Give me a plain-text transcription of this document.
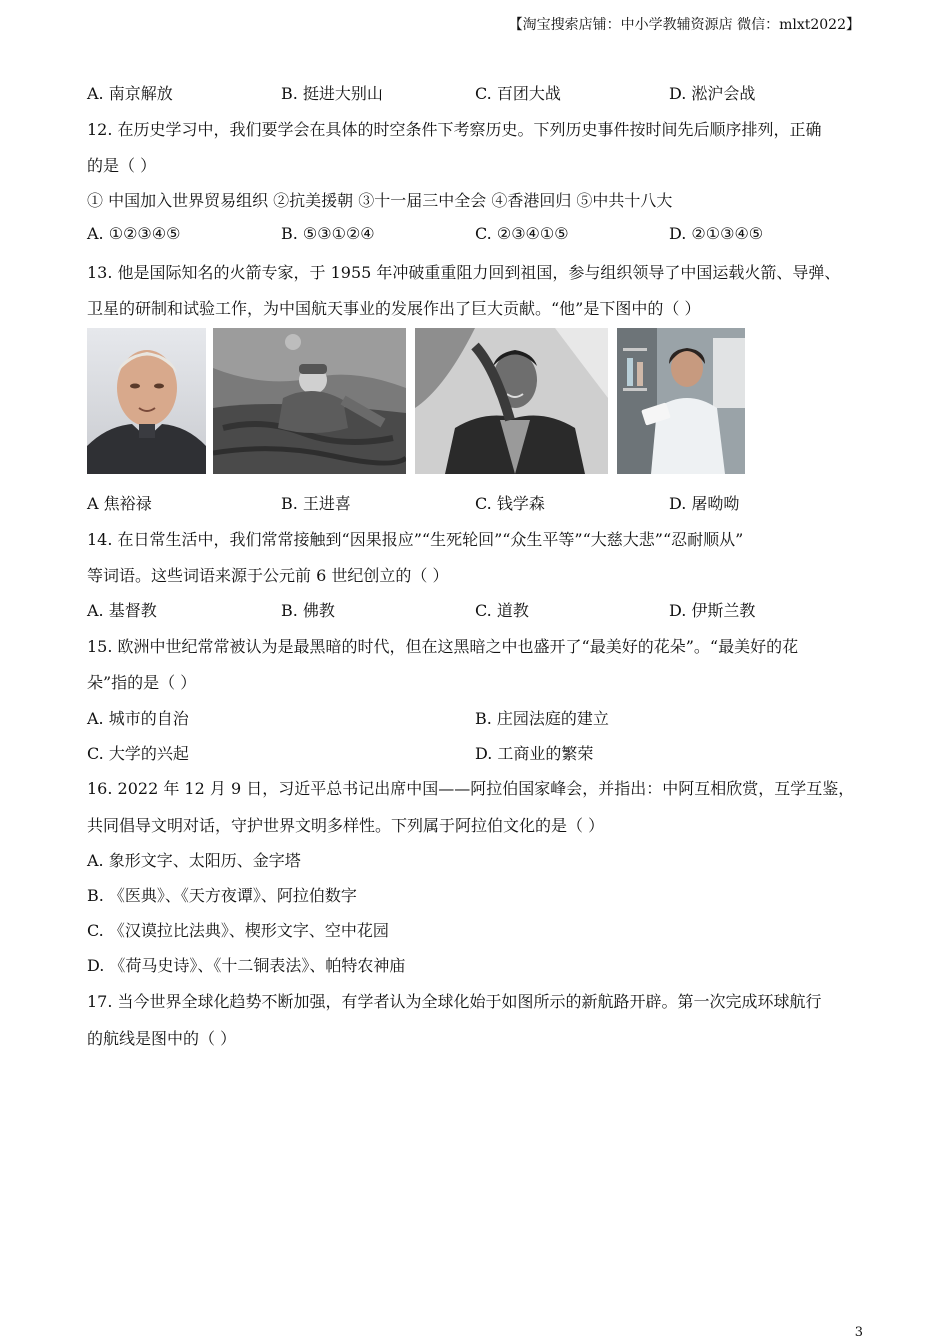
【淘宝搜索店铺：中小学教辅资源店 微信：mlxt2022】
A. 南京解放	B. 挺进大别山	C. 百团大战	D. 淞沪会战
12. 在历史学习中，我们要学会在具体的时空条件下考察历史。下列历史事件按时间先后顺序排列，正确
的是（ ）
① 中国加入世界贸易组织 ②抗美援朝 ③十一届三中全会 ④香港回归 ⑤中共十八大
A. ①②③④⑤	B. ⑤③①②④	C. ②③④①⑤	D. ②①③④⑤
13. 他是国际知名的火箭专家，于 1955 年冲破重重阻力回到祖国，参与组织领导了中国运载火箭、导弹、
卫星的研制和试验工作，为中国航天事业的发展作出了巨大贡献。“他”是下图中的（ ）
A 焦裕禄	B. 王进喜	C. 钱学森	D. 屠呦呦
14. 在日常生活中，我们常常接触到“因果报应”“生死轮回”“众生平等”“大慈大悲”“忍耐顺从”
等词语。这些词语来源于公元前 6 世纪创立的（ ）
A. 基督教	B. 佛教	C. 道教	D. 伊斯兰教
15. 欧洲中世纪常常被认为是最黑暗的时代，但在这黑暗之中也盛开了“最美好的花朵”。“最美好的花
朵”指的是（ ）
A. 城市的自治	B. 庄园法庭的建立
C. 大学的兴起	D. 工商业的繁荣
16. 2022 年 12 月 9 日，习近平总书记出席中国——阿拉伯国家峰会，并指出：中阿互相欣赏，互学互鉴，
共同倡导文明对话，守护世界文明多样性。下列属于阿拉伯文化的是（ ）
A. 象形文字、太阳历、金字塔
B. 《医典》、《天方夜谭》、阿拉伯数字
C. 《汉谟拉比法典》、楔形文字、空中花园
D. 《荷马史诗》、《十二铜表法》、帕特农神庙
17. 当今世界全球化趋势不断加强，有学者认为全球化始于如图所示的新航路开辟。第一次完成环球航行
的航线是图中的（ ）
3
